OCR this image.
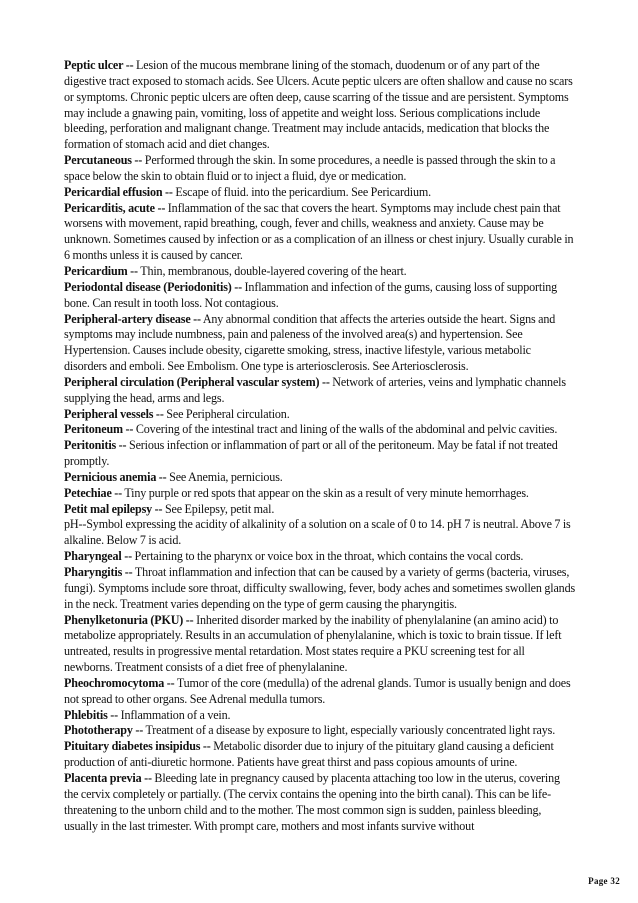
Peptic ulcer -- Lesion of the mucous membrane lining of the stomach, duodenum or of any part of the digestive tract exposed to stomach acids. See Ulcers. Acute peptic ulcers are often shallow and cause no scars or symptoms. Chronic peptic ulcers are often deep, cause scarring of the tissue and are persistent. Symptoms may include a gnawing pain, vomiting, loss of appetite and weight loss. Serious complications include bleeding, perforation and malignant change. Treatment may include antacids, medication that blocks the formation of stomach acid and diet changes.

Percutaneous -- Performed through the skin. In some procedures, a needle is passed through the skin to a space below the skin to obtain fluid or to inject a fluid, dye or medication.

Pericardial effusion -- Escape of fluid. into the pericardium. See Pericardium.

Pericarditis, acute -- Inflammation of the sac that covers the heart. Symptoms may include chest pain that worsens with movement, rapid breathing, cough, fever and chills, weakness and anxiety. Cause may be unknown. Sometimes caused by infection or as a complication of an illness or chest injury. Usually curable in 6 months unless it is caused by cancer.

Pericardium -- Thin, membranous, double-layered covering of the heart.

Periodontal disease (Periodonitis) -- Inflammation and infection of the gums, causing loss of supporting bone. Can result in tooth loss. Not contagious.

Peripheral-artery disease -- Any abnormal condition that affects the arteries outside the heart. Signs and symptoms may include numbness, pain and paleness of the involved area(s) and hypertension. See Hypertension. Causes include obesity, cigarette smoking, stress, inactive lifestyle, various metabolic disorders and emboli. See Embolism. One type is arteriosclerosis. See Arteriosclerosis.

Peripheral circulation (Peripheral vascular system) -- Network of arteries, veins and lymphatic channels supplying the head, arms and legs.

Peripheral vessels -- See Peripheral circulation.

Peritoneum -- Covering of the intestinal tract and lining of the walls of the abdominal and pelvic cavities.

Peritonitis -- Serious infection or inflammation of part or all of the peritoneum. May be fatal if not treated promptly.

Pernicious anemia -- See Anemia, pernicious.

Petechiae -- Tiny purple or red spots that appear on the skin as a result of very minute hemorrhages.

Petit mal epilepsy -- See Epilepsy, petit mal.

pH--Symbol expressing the acidity of alkalinity of a solution on a scale of 0 to 14. pH 7 is neutral. Above 7 is alkaline. Below 7 is acid.

Pharyngeal -- Pertaining to the pharynx or voice box in the throat, which contains the vocal cords.

Pharyngitis -- Throat inflammation and infection that can be caused by a variety of germs (bacteria, viruses, fungi). Symptoms include sore throat, difficulty swallowing, fever, body aches and sometimes swollen glands in the neck. Treatment varies depending on the type of germ causing the pharyngitis.

Phenylketonuria (PKU) -- Inherited disorder marked by the inability of phenylalanine (an amino acid) to metabolize appropriately. Results in an accumulation of phenylalanine, which is toxic to brain tissue. If left untreated, results in progressive mental retardation. Most states require a PKU screening test for all newborns. Treatment consists of a diet free of phenylalanine.

Pheochromocytoma -- Tumor of the core (medulla) of the adrenal glands. Tumor is usually benign and does not spread to other organs. See Adrenal medulla tumors.

Phlebitis -- Inflammation of a vein.

Phototherapy -- Treatment of a disease by exposure to light, especially variously concentrated light rays.

Pituitary diabetes insipidus -- Metabolic disorder due to injury of the pituitary gland causing a deficient production of anti-diuretic hormone. Patients have great thirst and pass copious amounts of urine.

Placenta previa -- Bleeding late in pregnancy caused by placenta attaching too low in the uterus, covering the cervix completely or partially. (The cervix contains the opening into the birth canal). This can be life-threatening to the unborn child and to the mother. The most common sign is sudden, painless bleeding, usually in the last trimester. With prompt care, mothers and most infants survive without

Page 32
